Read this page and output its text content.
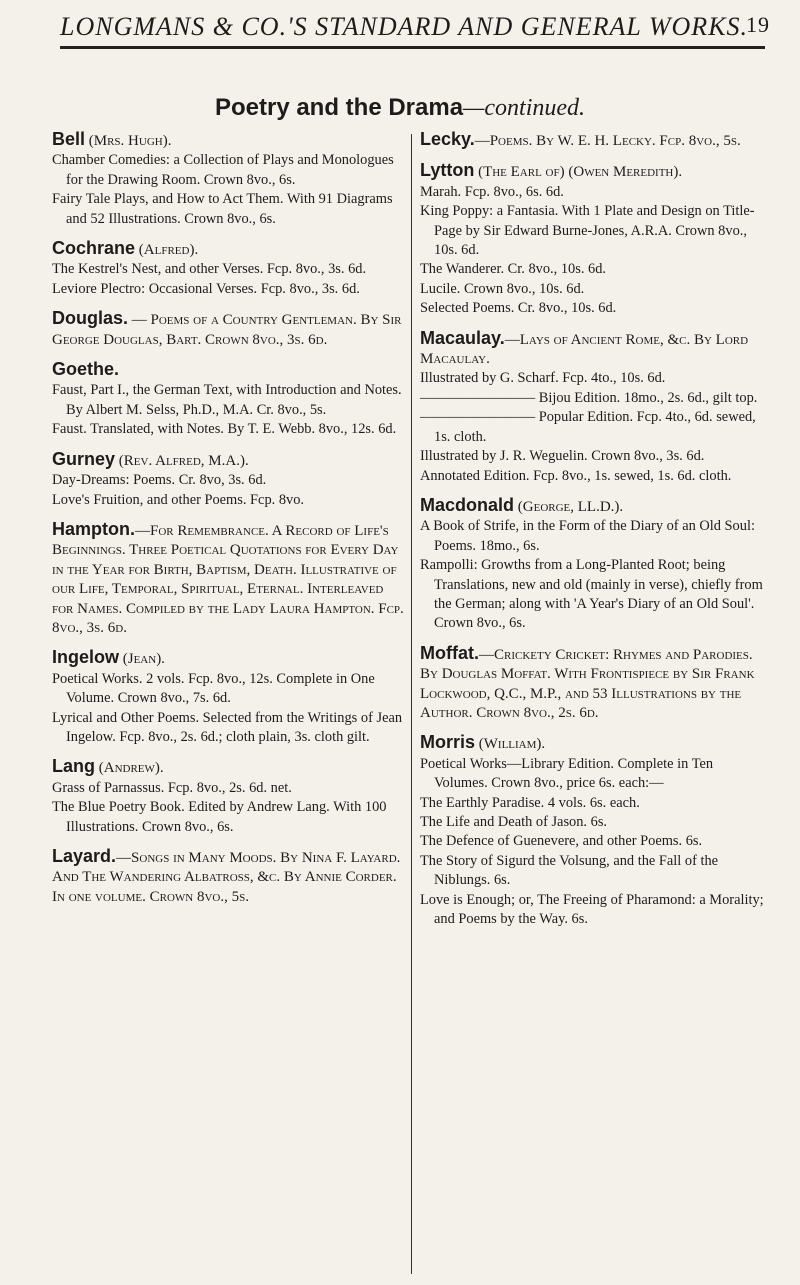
LONGMANS & CO.'S STANDARD AND GENERAL WORKS.
19
Poetry and the Drama—continued.
Bell (Mrs. Hugh).

Chamber Comedies: a Collection of Plays and Monologues for the Drawing Room. Crown 8vo., 6s.

Fairy Tale Plays, and How to Act Them. With 91 Diagrams and 52 Illustrations. Crown 8vo., 6s.

Cochrane (Alfred).

The Kestrel's Nest, and other Verses. Fcp. 8vo., 3s. 6d.

Leviore Plectro: Occasional Verses. Fcp. 8vo., 3s. 6d.

Douglas. — Poems of a Country Gentleman. By Sir George Douglas, Bart. Crown 8vo., 3s. 6d.
Goethe.

Faust, Part I., the German Text, with Introduction and Notes. By Albert M. Selss, Ph.D., M.A. Cr. 8vo., 5s.

Faust. Translated, with Notes. By T. E. Webb. 8vo., 12s. 6d.

Gurney (Rev. Alfred, M.A.).

Day-Dreams: Poems. Cr. 8vo, 3s. 6d.

Love's Fruition, and other Poems. Fcp. 8vo.

Hampton.—For Remembrance. A Record of Life's Beginnings. Three Poetical Quotations for Every Day in the Year for Birth, Baptism, Death. Illustrative of our Life, Temporal, Spiritual, Eternal. Interleaved for Names. Compiled by the Lady Laura Hampton. Fcp. 8vo., 3s. 6d.
Ingelow (Jean).

Poetical Works. 2 vols. Fcp. 8vo., 12s. Complete in One Volume. Crown 8vo., 7s. 6d.

Lyrical and Other Poems. Selected from the Writings of Jean Ingelow. Fcp. 8vo., 2s. 6d.; cloth plain, 3s. cloth gilt.

Lang (Andrew).

Grass of Parnassus. Fcp. 8vo., 2s. 6d. net.

The Blue Poetry Book. Edited by Andrew Lang. With 100 Illustrations. Crown 8vo., 6s.

Layard.—Songs in Many Moods. By Nina F. Layard. And The Wandering Albatross, &c. By Annie Corder. In one volume. Crown 8vo., 5s.
Lecky.—Poems. By W. E. H. Lecky. Fcp. 8vo., 5s.
Lytton (The Earl of) (Owen Meredith).

Marah. Fcp. 8vo., 6s. 6d.

King Poppy: a Fantasia. With 1 Plate and Design on Title-Page by Sir Edward Burne-Jones, A.R.A. Crown 8vo., 10s. 6d.

The Wanderer. Cr. 8vo., 10s. 6d.

Lucile. Crown 8vo., 10s. 6d.

Selected Poems. Cr. 8vo., 10s. 6d.

Macaulay.—Lays of Ancient Rome, &c. By Lord Macaulay.

Illustrated by G. Scharf. Fcp. 4to., 10s. 6d.

———————— Bijou Edition. 18mo., 2s. 6d., gilt top.

———————— Popular Edition. Fcp. 4to., 6d. sewed, 1s. cloth.

Illustrated by J. R. Weguelin. Crown 8vo., 3s. 6d.

Annotated Edition. Fcp. 8vo., 1s. sewed, 1s. 6d. cloth.

Macdonald (George, LL.D.).

A Book of Strife, in the Form of the Diary of an Old Soul: Poems. 18mo., 6s.

Rampolli: Growths from a Long-Planted Root; being Translations, new and old (mainly in verse), chiefly from the German; along with 'A Year's Diary of an Old Soul'. Crown 8vo., 6s.

Moffat.—Crickety Cricket: Rhymes and Parodies. By Douglas Moffat. With Frontispiece by Sir Frank Lockwood, Q.C., M.P., and 53 Illustrations by the Author. Crown 8vo., 2s. 6d.
Morris (William).

Poetical Works—Library Edition. Complete in Ten Volumes. Crown 8vo., price 6s. each:—

The Earthly Paradise. 4 vols. 6s. each.

The Life and Death of Jason. 6s.

The Defence of Guenevere, and other Poems. 6s.

The Story of Sigurd the Volsung, and the Fall of the Niblungs. 6s.

Love is Enough; or, The Freeing of Pharamond: a Morality; and Poems by the Way. 6s.
